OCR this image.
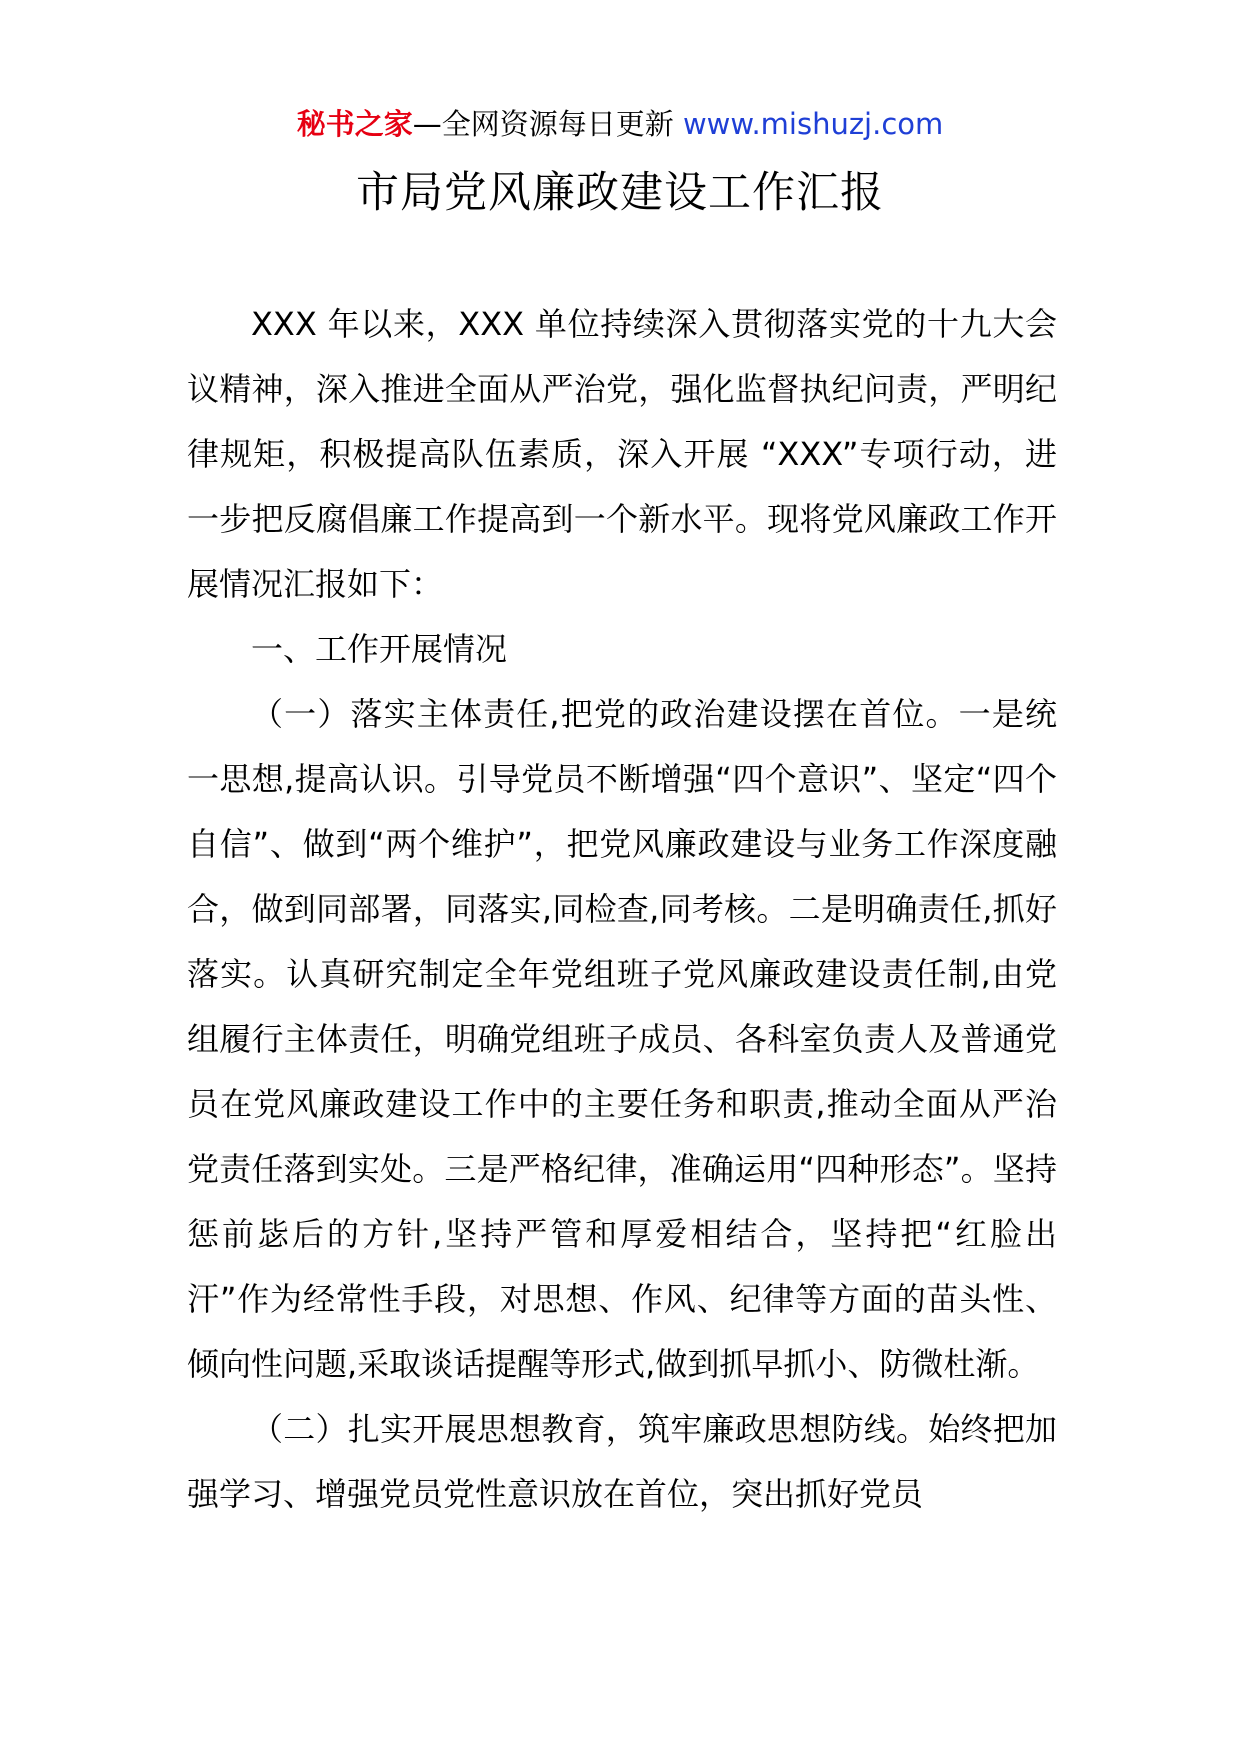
秘书之家—全网资源每日更新 www.mishuzj.com
市局党风廉政建设工作汇报

XXX 年以来，XXX 单位持续深入贯彻落实党的十九大会议精神，深入推进全面从严治党，强化监督执纪问责，严明纪律规矩，积极提高队伍素质，深入开展 “XXX”专项行动，进一步把反腐倡廉工作提高到一个新水平。现将党风廉政工作开展情况汇报如下：

一、工作开展情况

（一）落实主体责任,把党的政治建设摆在首位。一是统一思想,提高认识。引导党员不断增强“四个意识”、坚定“四个自信”、做到“两个维护”，把党风廉政建设与业务工作深度融合，做到同部署，同落实,同检查,同考核。二是明确责任,抓好落实。认真研究制定全年党组班子党风廉政建设责任制,由党组履行主体责任，明确党组班子成员、各科室负责人及普通党员在党风廉政建设工作中的主要任务和职责,推动全面从严治党责任落到实处。三是严格纪律，准确运用“四种形态”。坚持惩前毖后的方针,坚持严管和厚爱相结合，坚持把“红脸出汗”作为经常性手段，对思想、作风、纪律等方面的苗头性、倾向性问题,采取谈话提醒等形式,做到抓早抓小、防微杜渐。

（二）扎实开展思想教育，筑牢廉政思想防线。始终把加强学习、增强党员党性意识放在首位，突出抓好党员
